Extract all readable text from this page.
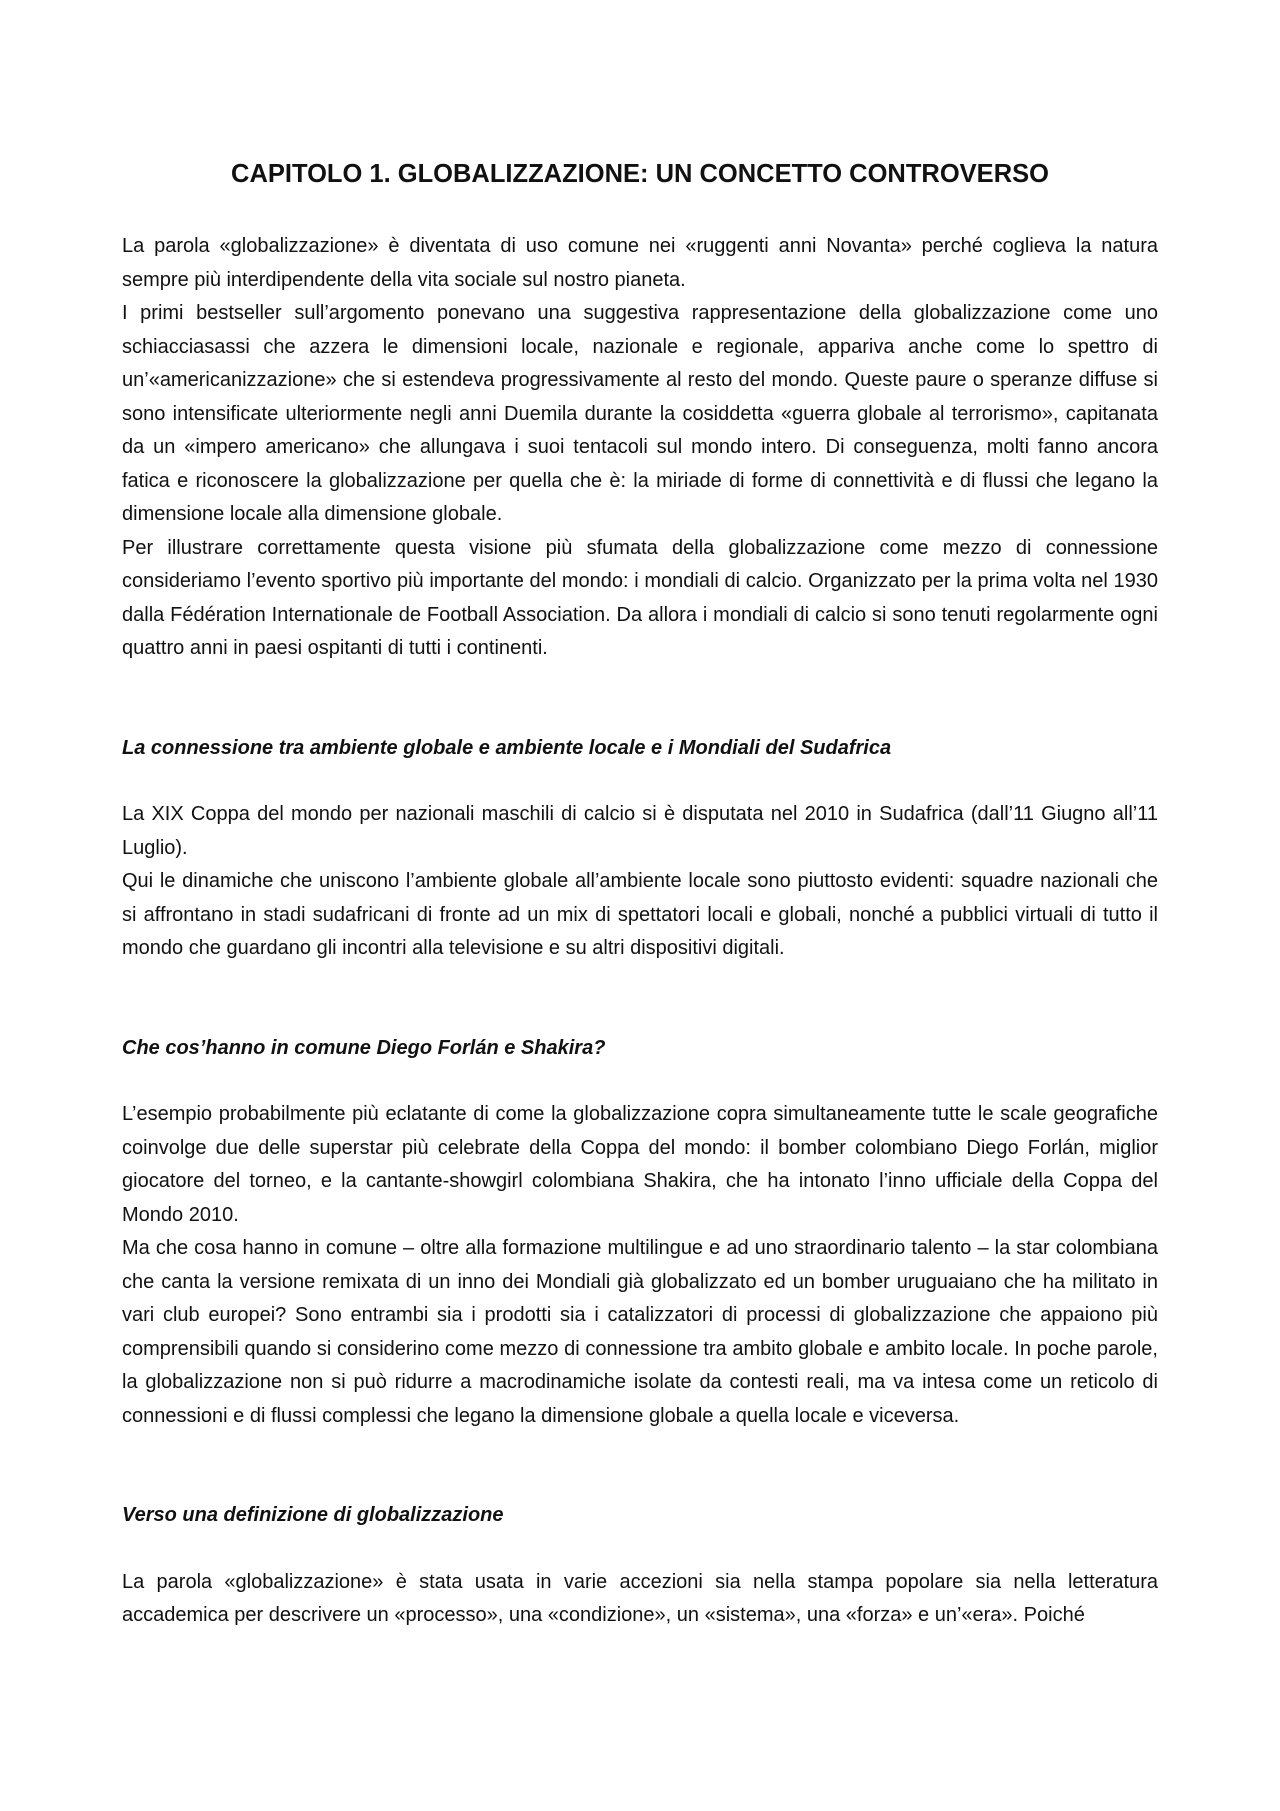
CAPITOLO 1. GLOBALIZZAZIONE: UN CONCETTO CONTROVERSO

La parola «globalizzazione» è diventata di uso comune nei «ruggenti anni Novanta» perché coglieva la natura sempre più interdipendente della vita sociale sul nostro pianeta.

I primi bestseller sull’argomento ponevano una suggestiva rappresentazione della globalizzazione come uno schiacciasassi che azzera le dimensioni locale, nazionale e regionale, appariva anche come lo spettro di un’«americanizzazione» che si estendeva progressivamente al resto del mondo. Queste paure o speranze diffuse si sono intensificate ulteriormente negli anni Duemila durante la cosiddetta «guerra globale al terrorismo», capitanata da un «impero americano» che allungava i suoi tentacoli sul mondo intero. Di conseguenza, molti fanno ancora fatica e riconoscere la globalizzazione per quella che è: la miriade di forme di connettività e di flussi che legano la dimensione locale alla dimensione globale.

Per illustrare correttamente questa visione più sfumata della globalizzazione come mezzo di connessione consideriamo l’evento sportivo più importante del mondo: i mondiali di calcio. Organizzato per la prima volta nel 1930 dalla Fédération Internationale de Football Association. Da allora i mondiali di calcio si sono tenuti regolarmente ogni quattro anni in paesi ospitanti di tutti i continenti.

La connessione tra ambiente globale e ambiente locale e i Mondiali del Sudafrica

La XIX Coppa del mondo per nazionali maschili di calcio si è disputata nel 2010 in Sudafrica (dall’11 Giugno all’11 Luglio).

Qui le dinamiche che uniscono l’ambiente globale all’ambiente locale sono piuttosto evidenti: squadre nazionali che si affrontano in stadi sudafricani di fronte ad un mix di spettatori locali e globali, nonché a pubblici virtuali di tutto il mondo che guardano gli incontri alla televisione e su altri dispositivi digitali.

Che cos’hanno in comune Diego Forlán e Shakira?

L’esempio probabilmente più eclatante di come la globalizzazione copra simultaneamente tutte le scale geografiche coinvolge due delle superstar più celebrate della Coppa del mondo: il bomber colombiano Diego Forlán, miglior giocatore del torneo, e la cantante-showgirl colombiana Shakira, che ha intonato l’inno ufficiale della Coppa del Mondo 2010.

Ma che cosa hanno in comune – oltre alla formazione multilingue e ad uno straordinario talento – la star colombiana che canta la versione remixata di un inno dei Mondiali già globalizzato ed un bomber uruguaiano che ha militato in vari club europei? Sono entrambi sia i prodotti sia i catalizzatori di processi di globalizzazione che appaiono più comprensibili quando si considerino come mezzo di connessione tra ambito globale e ambito locale. In poche parole, la globalizzazione non si può ridurre a macrodinamiche isolate da contesti reali, ma va intesa come un reticolo di connessioni e di flussi complessi che legano la dimensione globale a quella locale e viceversa.

Verso una definizione di globalizzazione

La parola «globalizzazione» è stata usata in varie accezioni sia nella stampa popolare sia nella letteratura accademica per descrivere un «processo», una «condizione», un «sistema», una «forza» e un’«era». Poiché
